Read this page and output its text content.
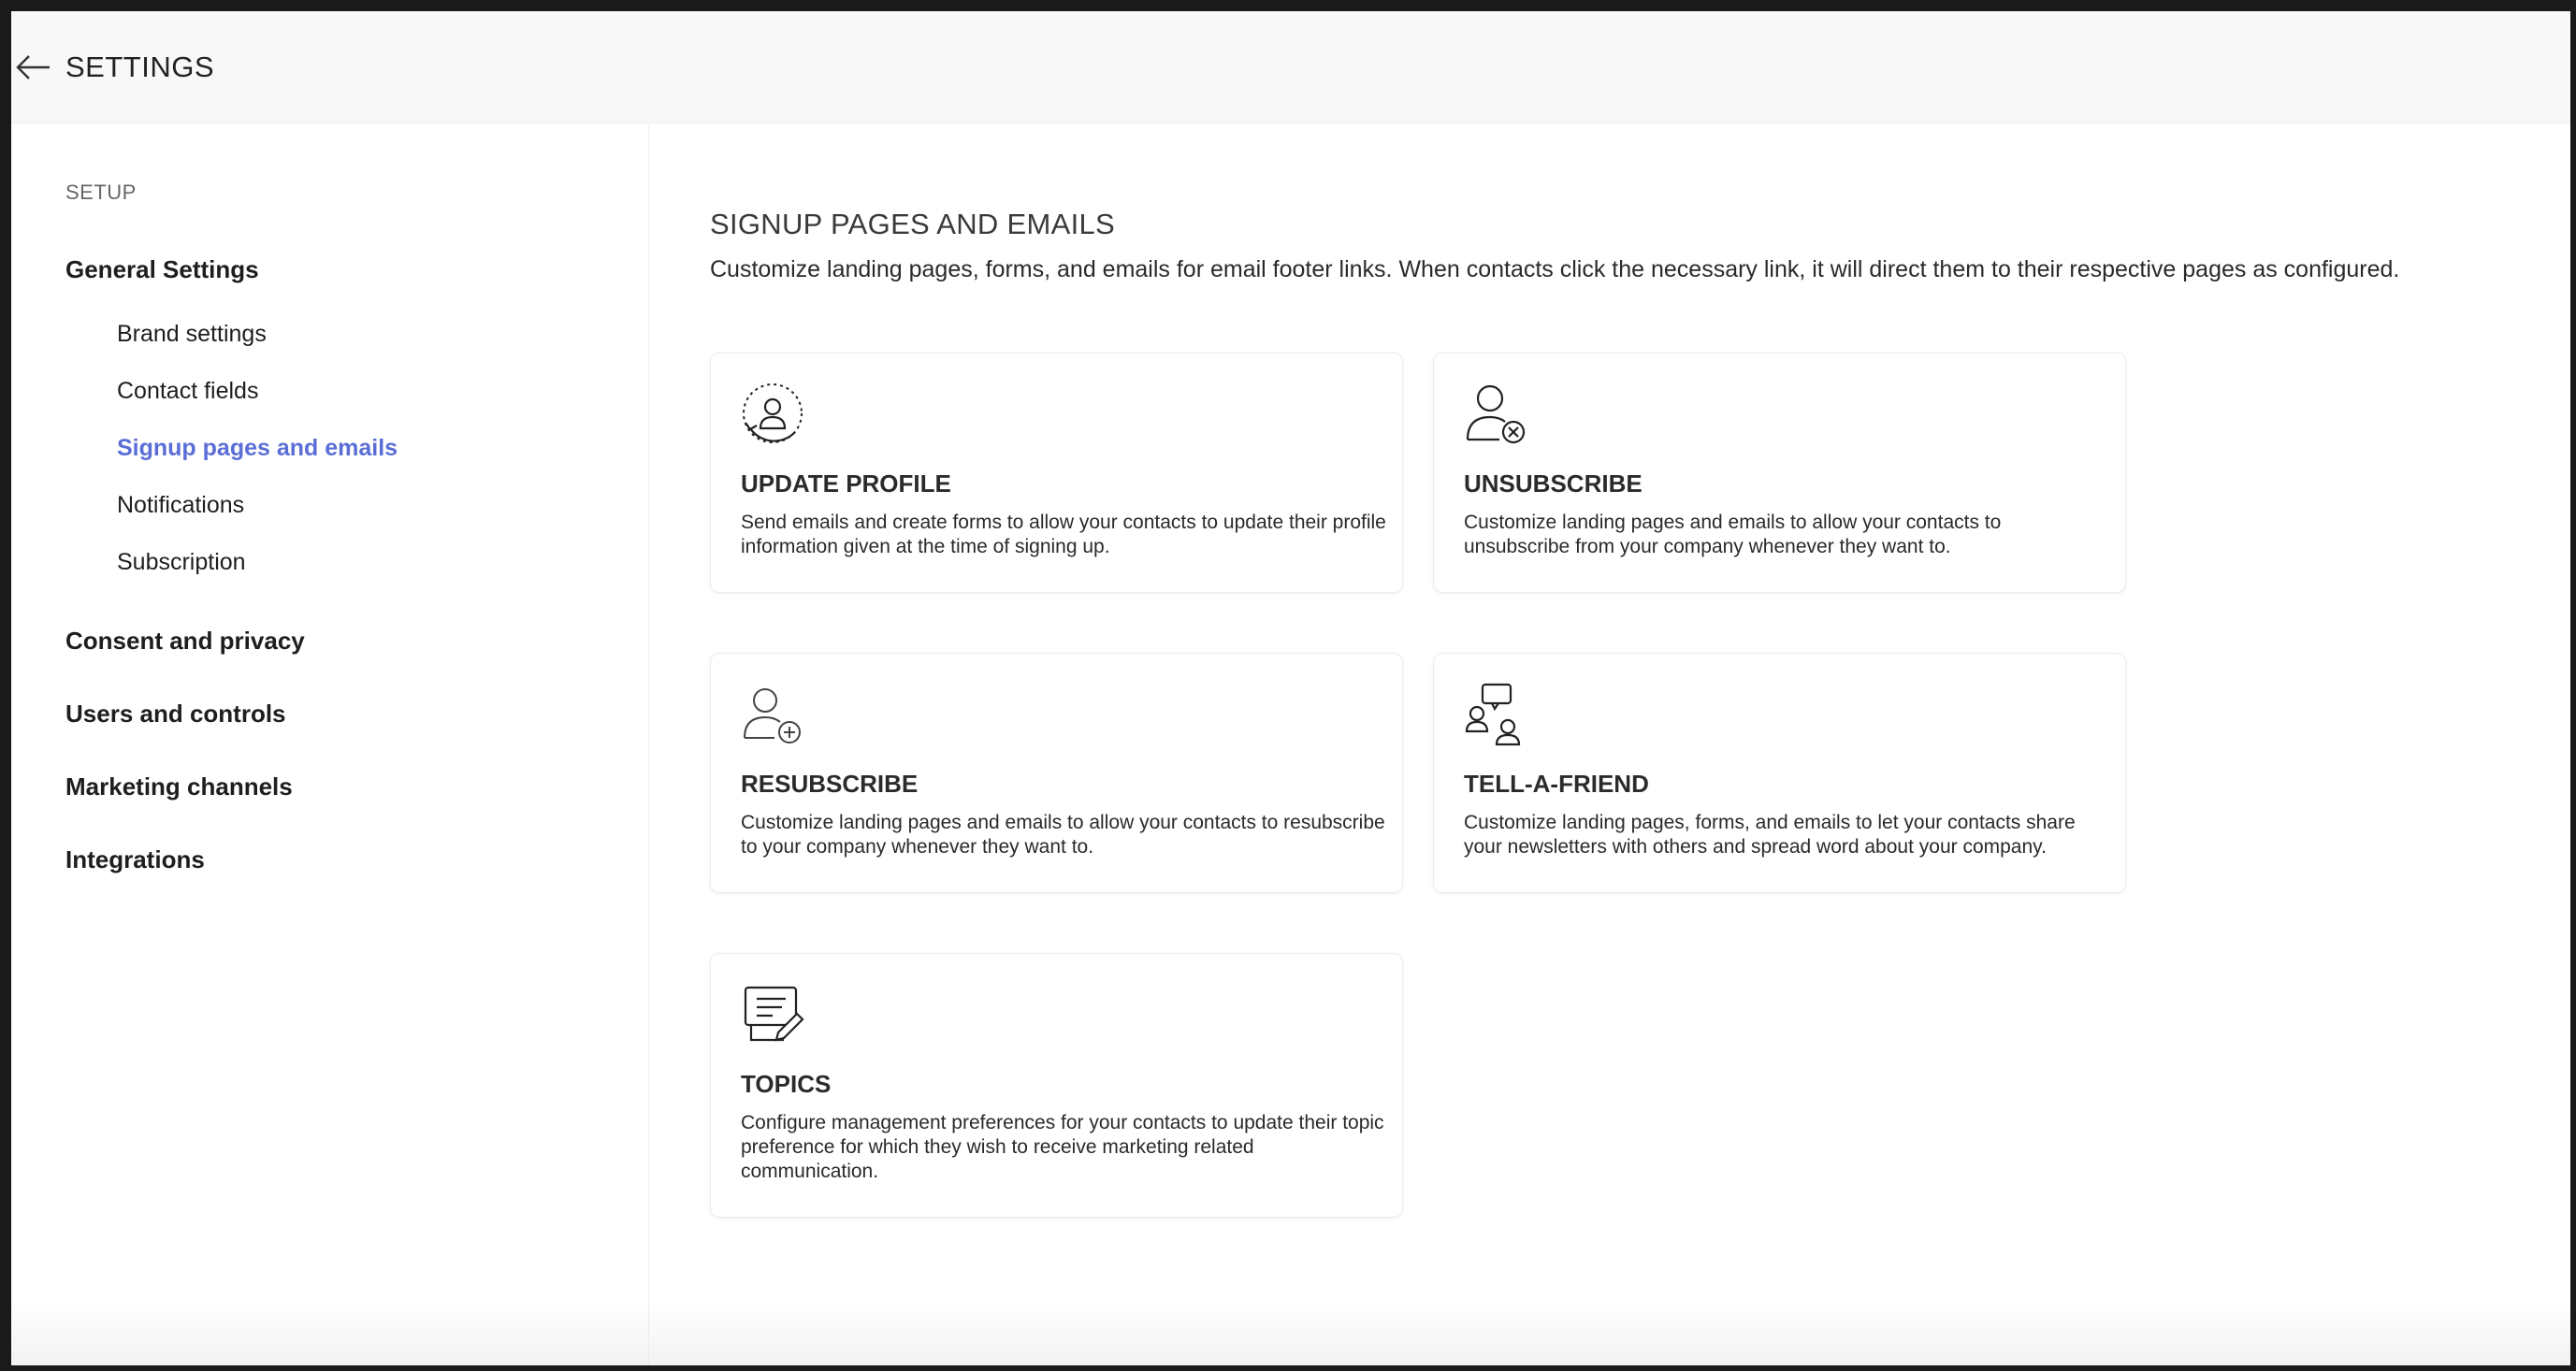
SETTINGS
SETUP
General Settings
Brand settings
Contact fields
Signup pages and emails
Notifications
Subscription
Consent and privacy
Users and controls
Marketing channels
Integrations
SIGNUP PAGES AND EMAILS
Customize landing pages, forms, and emails for email footer links. When contacts click the necessary link, it will direct them to their respective pages as configured.
UPDATE PROFILE
Send emails and create forms to allow your contacts to update their profile information given at the time of signing up.
UNSUBSCRIBE
Customize landing pages and emails to allow your contacts to unsubscribe from your company whenever they want to.
RESUBSCRIBE
Customize landing pages and emails to allow your contacts to resubscribe to your company whenever they want to.
TELL-A-FRIEND
Customize landing pages, forms, and emails to let your contacts share your newsletters with others and spread word about your company.
TOPICS
Configure management preferences for your contacts to update their topic preference for which they wish to receive marketing related communication.
